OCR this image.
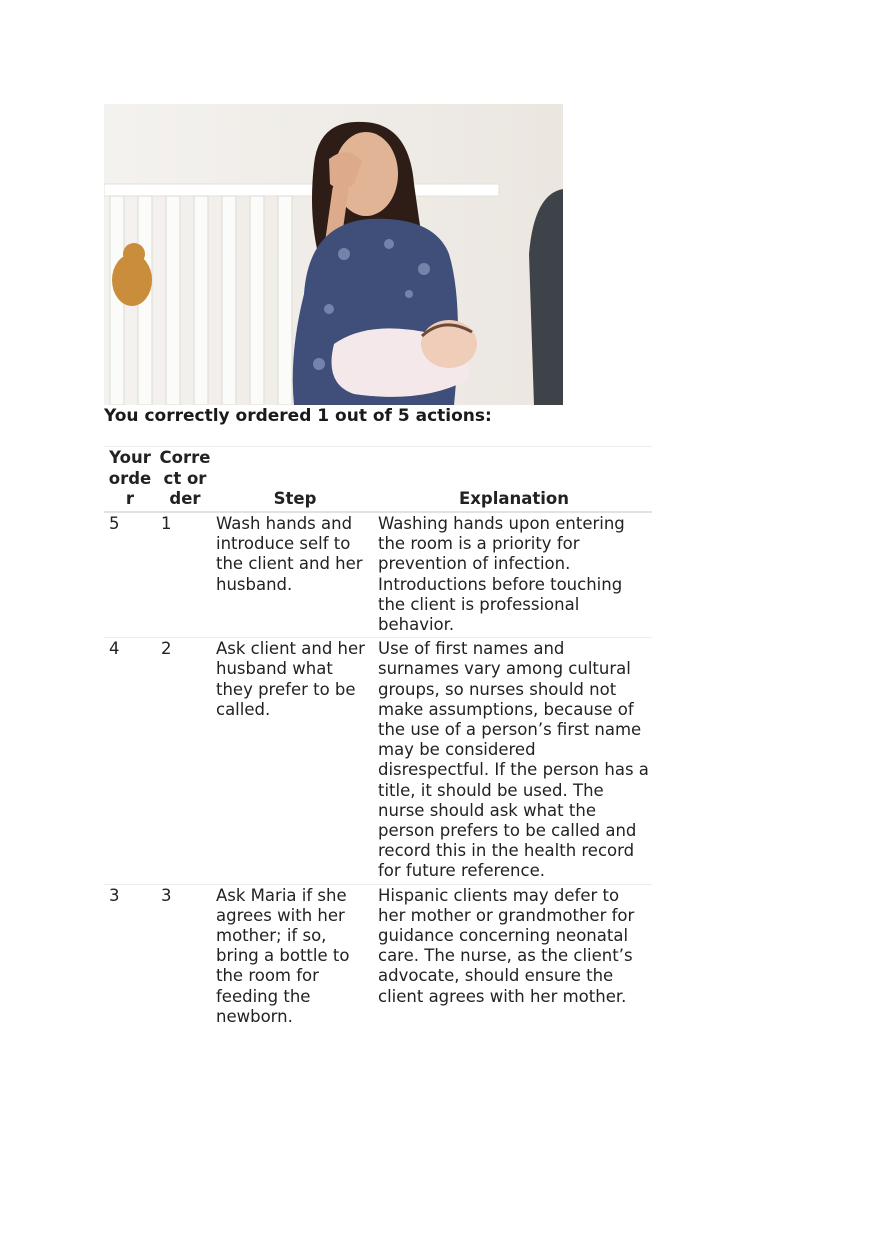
You correctly ordered 1 out of 5 actions:
Your order	Correct order	Step	Explanation
5	1	Wash hands and introduce self to the client and her husband.	Washing hands upon entering the room is a priority for prevention of infection. Introductions before touching the client is professional behavior.
4	2	Ask client and her husband what they prefer to be called.	Use of first names and surnames vary among cultural groups, so nurses should not make assumptions, because of the use of a person’s first name may be considered disrespectful. If the person has a title, it should be used. The nurse should ask what the person prefers to be called and record this in the health record for future reference.
3	3	Ask Maria if she agrees with her mother; if so, bring a bottle to the room for feeding the newborn.	Hispanic clients may defer to her mother or grandmother for guidance concerning neonatal care. The nurse, as the client’s advocate, should ensure the client agrees with her mother.
